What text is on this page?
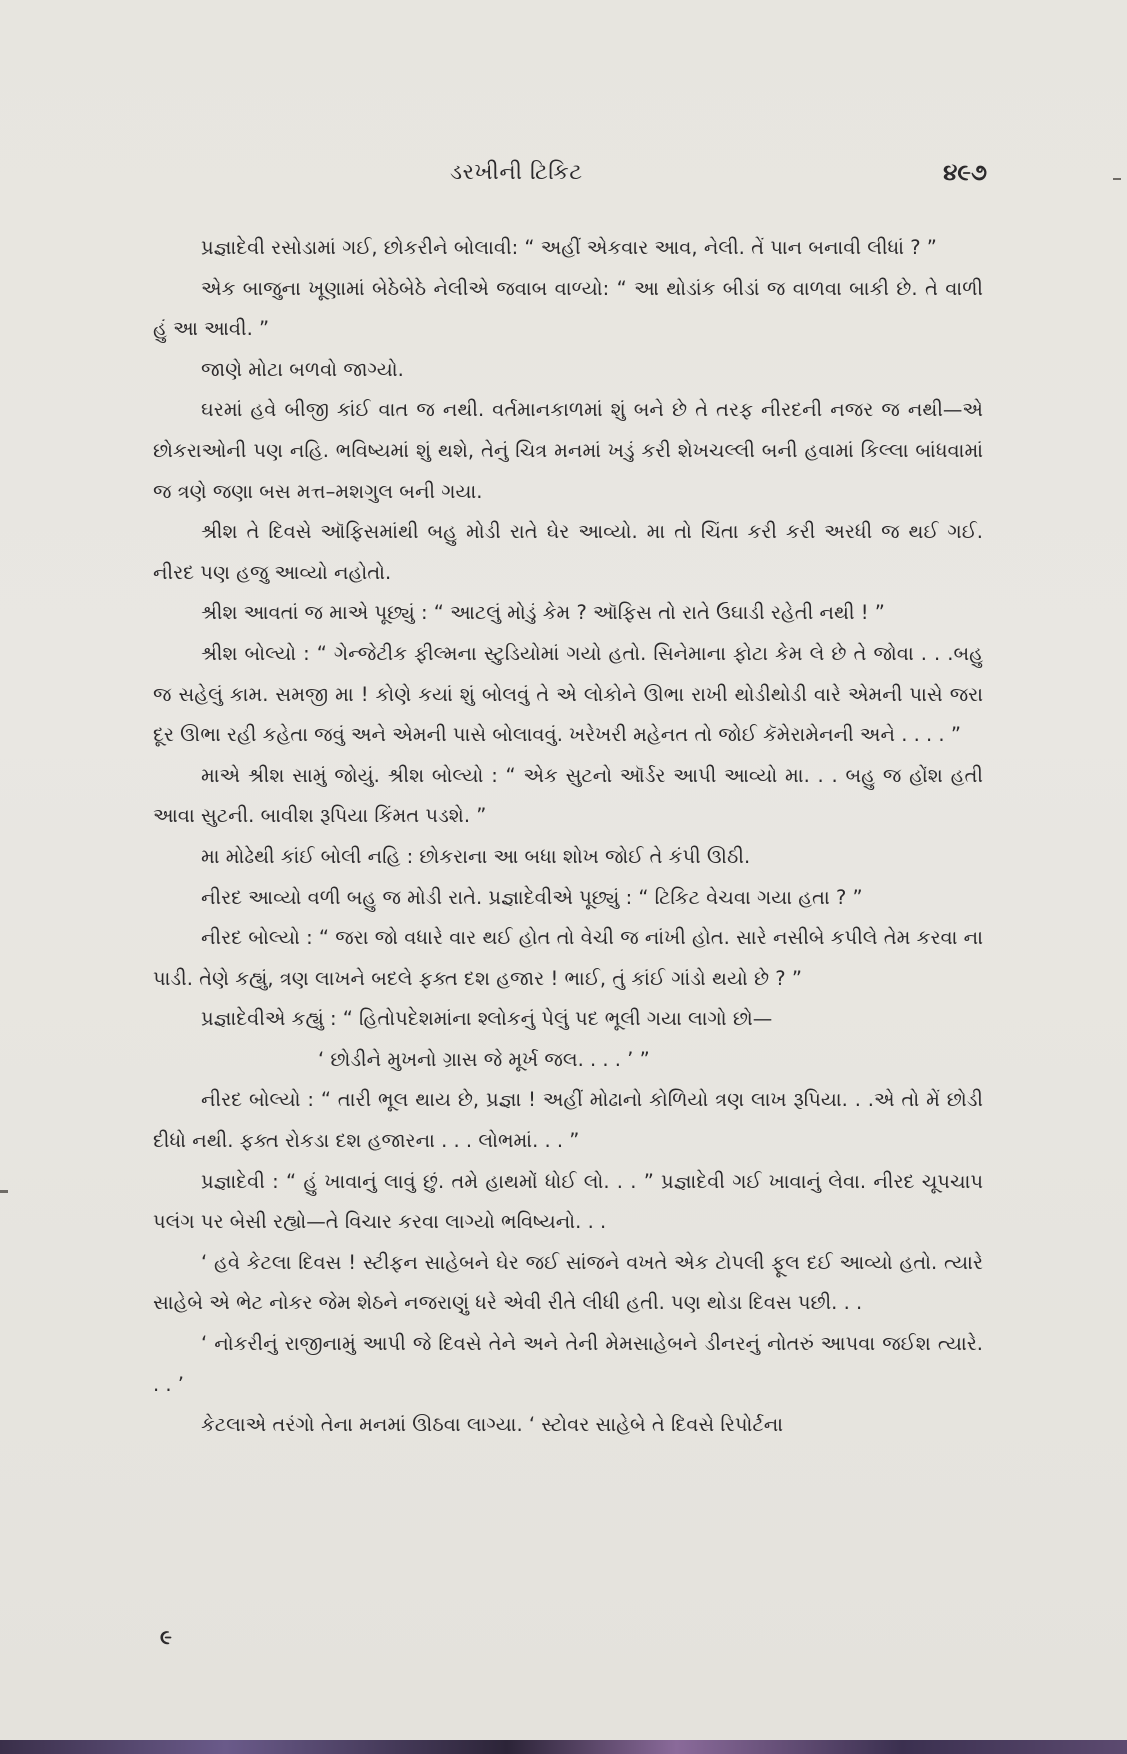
ડરખીની ટિકિટ	૪૯૭

પ્રજ્ઞાદેવી રસોડામાં ગઈ, છોકરીને બોલાવી: “ અહીં એકવાર આવ, નેલી. તેં પાન બનાવી લીધાં ? ”

એક બાજુના ખૂણામાં બેઠેબેઠે નેલીએ જવાબ વાળ્યો: “ આ થોડાંક બીડાં જ વાળવા બાકી છે. તે વાળી હું આ આવી. ”

જાણે મોટા બળવો જાગ્યો.

ઘરમાં હવે બીજી કાંઈ વાત જ નથી. વર્તમાનકાળમાં શું બને છે તે તરફ નીરદની નજર જ નથી—એ છોકરાઓની પણ નહિ. ભવિષ્યમાં શું થશે, તેનું ચિત્ર મનમાં ખડું કરી શેખચલ્લી બની હવામાં કિલ્લા બાંધવામાં જ ત્રણે જણા બસ મત્ત–મશગુલ બની ગયા.

શ્રીશ તે દિવસે ઑફિસમાંથી બહુ મોડી રાતે ઘેર આવ્યો. મા તો ચિંતા કરી કરી અરધી જ થઈ ગઈ. નીરદ પણ હજુ આવ્યો નહોતો.

શ્રીશ આવતાં જ માએ પૂછ્યું : “ આટલું મોડું કેમ ? ઑફિસ તો રાતે ઉઘાડી રહેતી નથી ! ”

શ્રીશ બોલ્યો : “ ગેન્જેટીક ફીલ્મના સ્ટુડિયોમાં ગયો હતો. સિનેમાના ફોટા કેમ લે છે તે જોવા . . .બહુ જ સહેલું કામ. સમજી મા ! કોણે કયાં શું બોલવું તે એ લોકોને ઊભા રાખી થોડીથોડી વારે એમની પાસે જરા દૂર ઊભા રહી કહેતા જવું અને એમની પાસે બોલાવવું. ખરેખરી મહેનત તો જોઈ કૅમેરામેનની અને . . . . ”

માએ શ્રીશ સામું જોયું. શ્રીશ બોલ્યો : “ એક સુટનો ઑર્ડર આપી આવ્યો મા. . . બહુ જ હોંશ હતી આવા સુટની. બાવીશ રૂપિયા કિંમત પડશે. ”

મા મોઢેથી કાંઈ બોલી નહિ : છોકરાના આ બધા શોખ જોઈ તે કંપી ઊઠી.

નીરદ આવ્યો વળી બહુ જ મોડી રાતે. પ્રજ્ઞાદેવીએ પૂછ્યું : “ ટિકિટ વેચવા ગયા હતા ? ”

નીરદ બોલ્યો : “ જરા જો વધારે વાર થઈ હોત તો વેચી જ નાંખી હોત. સારે નસીબે કપીલે તેમ કરવા ના પાડી. તેણે કહ્યું, ત્રણ લાખને બદલે ફક્ત દશ હજાર ! ભાઈ, તું કાંઈ ગાંડો થયો છે ? ”

પ્રજ્ઞાદેવીએ કહ્યું : “ હિતોપદેશમાંના શ્લોકનું પેલું પદ ભૂલી ગયા લાગો છો—

‘ છોડીને મુખનો ગ્રાસ જે મૂર્ખ જલ. . . . ’ ”

નીરદ બોલ્યો : “ તારી ભૂલ થાય છે, પ્રજ્ઞા ! અહીં મોઢાનો કોળિયો ત્રણ લાખ રૂપિયા. . .એ તો મેં છોડી દીધો નથી. ફક્ત રોકડા દશ હજારના . . . લોભમાં. . . ”

પ્રજ્ઞાદેવી : “ હું ખાવાનું લાવું છું. તમે હાથમોં ધોઈ લો. . . ” પ્રજ્ઞાદેવી ગઈ ખાવાનું લેવા. નીરદ ચૂપચાપ પલંગ પર બેસી રહ્યો—તે વિચાર કરવા લાગ્યો ભવિષ્યનો. . .

‘ હવે કેટલા દિવસ ! સ્ટીફન સાહેબને ઘેર જઈ સાંજને વખતે એક ટોપલી ફૂલ દઈ આવ્યો હતો. ત્યારે સાહેબે એ ભેટ નોકર જેમ શેઠને નજરાણું ધરે એવી રીતે લીધી હતી. પણ થોડા દિવસ પછી. . .

‘ નોકરીનું રાજીનામું આપી જે દિવસે તેને અને તેની મેમસાહેબને ડીનરનું નોતરું આપવા જઈશ ત્યારે. . . ’

કેટલાએ તરંગો તેના મનમાં ઊઠવા લાગ્યા. ‘ સ્ટોવર સાહેબે તે દિવસે રિપોર્ટના

૯
